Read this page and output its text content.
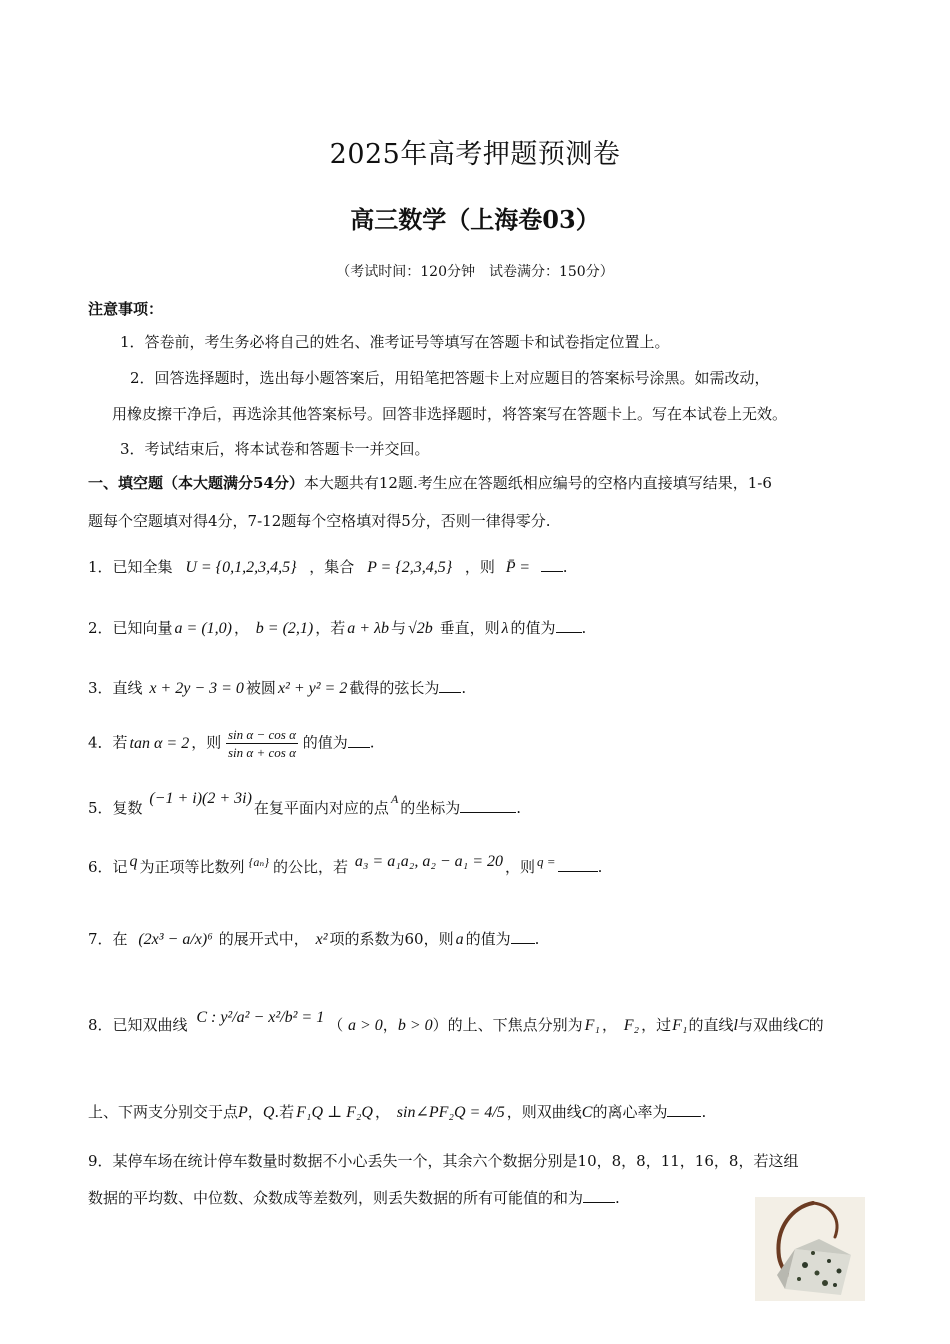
2025年高考押题预测卷
高三数学（上海卷03）
（考试时间：120分钟　试卷满分：150分）
注意事项：
1．答卷前，考生务必将自己的姓名、准考证号等填写在答题卡和试卷指定位置上。
2．回答选择题时，选出每小题答案后，用铅笔把答题卡上对应题目的答案标号涂黑。如需改动，
用橡皮擦干净后，再选涂其他答案标号。回答非选择题时，将答案写在答题卡上。写在本试卷上无效。
3．考试结束后，将本试卷和答题卡一并交回。
一、填空题（本大题满分54分）本大题共有12题.考生应在答题纸相应编号的空格内直接填写结果，1-6
题每个空题填对得4分，7-12题每个空格填对得5分，否则一律得零分.
1．已知全集 U = {0,1,2,3,4,5} ，集合 P = {2,3,4,5} ，则 P̄ = .
2．已知向量 a = (1,0) ， b = (2,1) ，若 a + λb 与 √2b 垂直，则 λ 的值为 .
3．直线 x + 2y − 3 = 0 被圆 x² + y² = 2 截得的弦长为 .
4．若 tan α = 2 ，则 $\frac{\text{sin α − cos α}}{\text{sin α + cos α}}$ 的值为 .
5．复数 (−1 + i)(2 + 3i)在复平面内对应的点 $^A$ 的坐标为	.
6．记 q 为正项等比数列 $^{\{a_n\}}$ 的公比，若 a₃ = a₁a₂, a₂ − a₁ = 20 ，则 q =	.
7．在 (2x³ − a/x)⁶ 的展开式中， x² 项的系数为60，则 a 的值为 .
8．已知双曲线 C : y²/a² − x²/b² = 1 （ a > 0，b > 0）的上、下焦点分别为 F₁ ， F₂ ，过F₁的直线l与双曲线C的
上、下两支分别交于点P，Q.若 F₁Q ⊥ F₂Q ， sin∠PF₂Q = 4/5 ，则双曲线C的离心率为 .
9．某停车场在统计停车数量时数据不小心丢失一个，其余六个数据分别是10，8，8，11，16，8，若这组
数据的平均数、中位数、众数成等差数列，则丢失数据的所有可能值的和为 .
